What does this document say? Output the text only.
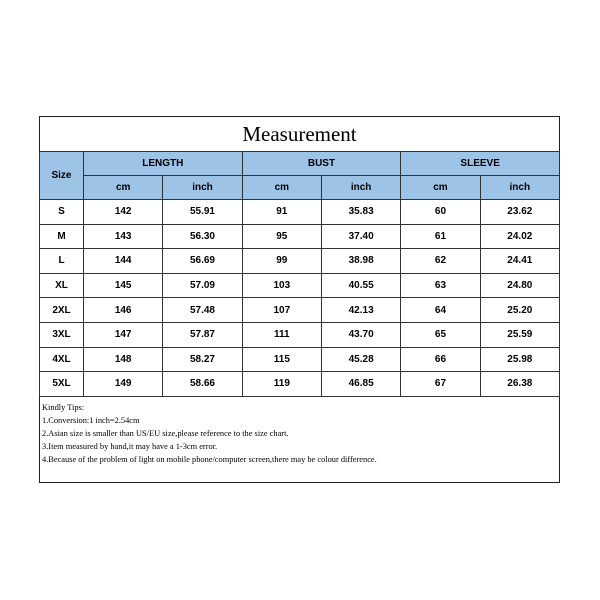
Measurement
Size	LENGTH		BUST		SLEEVE	
	cm	inch	cm	inch	cm	inch
S	142	55.91	91	35.83	60	23.62
M	143	56.30	95	37.40	61	24.02
L	144	56.69	99	38.98	62	24.41
XL	145	57.09	103	40.55	63	24.80
2XL	146	57.48	107	42.13	64	25.20
3XL	147	57.87	111	43.70	65	25.59
4XL	148	58.27	115	45.28	66	25.98
5XL	149	58.66	119	46.85	67	26.38
Kindly Tips:
1.Conversion:1 inch=2.54cm
2.Asian size is smaller than US/EU size,please reference to the size chart.
3.Item measured by hand,it may have a 1-3cm error.
4.Because of the problem of light on mobile phone/computer screen,there may be colour difference.
